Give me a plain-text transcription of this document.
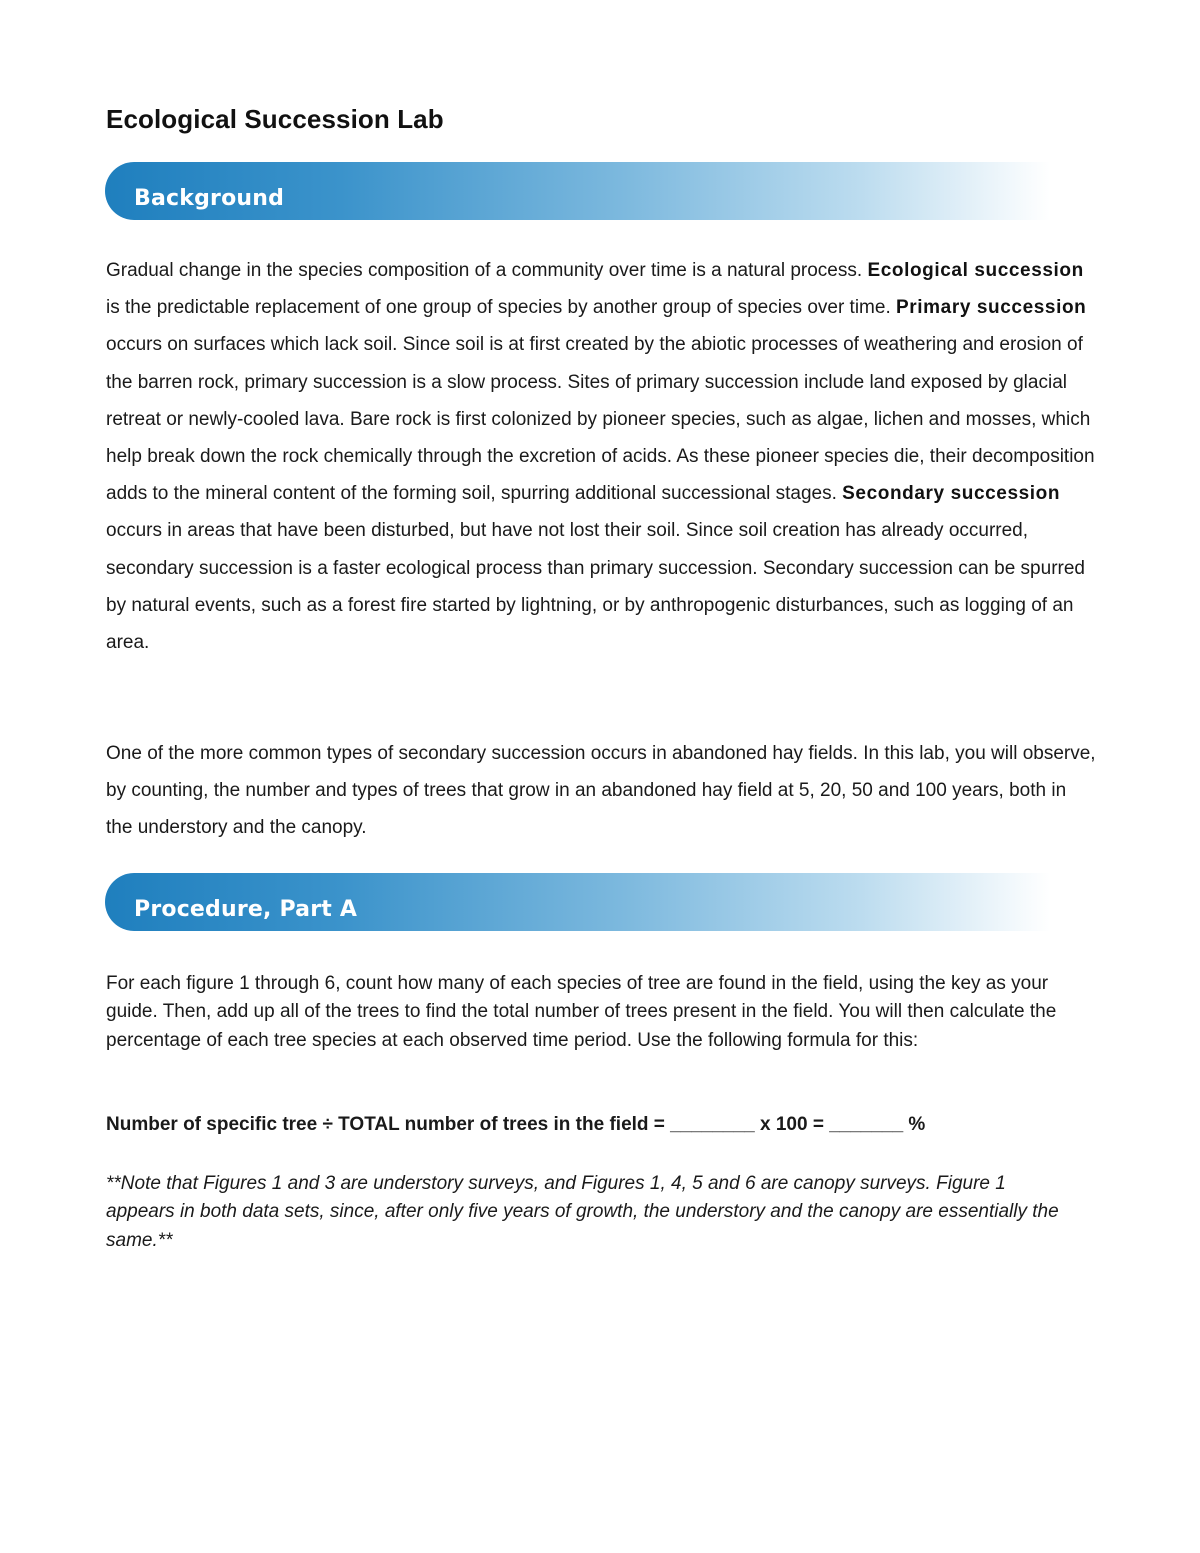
Ecological Succession Lab
Background

Gradual change in the species composition of a community over time is a natural process. Ecological succession is the predictable replacement of one group of species by another group of species over time. Primary succession occurs on surfaces which lack soil. Since soil is at first created by the abiotic processes of weathering and erosion of the barren rock, primary succession is a slow process. Sites of primary succession include land exposed by glacial retreat or newly-cooled lava. Bare rock is first colonized by pioneer species, such as algae, lichen and mosses, which help break down the rock chemically through the excretion of acids. As these pioneer species die, their decomposition adds to the mineral content of the forming soil, spurring additional successional stages. Secondary succession occurs in areas that have been disturbed, but have not lost their soil. Since soil creation has already occurred, secondary succession is a faster ecological process than primary succession. Secondary succession can be spurred by natural events, such as a forest fire started by lightning, or by anthropogenic disturbances, such as logging of an area.

One of the more common types of secondary succession occurs in abandoned hay fields. In this lab, you will observe, by counting, the number and types of trees that grow in an abandoned hay field at 5, 20, 50 and 100 years, both in the understory and the canopy.

Procedure, Part A

For each figure 1 through 6, count how many of each species of tree are found in the field, using the key as your guide. Then, add up all of the trees to find the total number of trees present in the field. You will then calculate the percentage of each tree species at each observed time period. Use the following formula for this:

Number of specific tree ÷ TOTAL number of trees in the field = ________ x 100 = _______ %

**Note that Figures 1 and 3 are understory surveys, and Figures 1, 4, 5 and 6 are canopy surveys. Figure 1 appears in both data sets, since, after only five years of growth, the understory and the canopy are essentially the same.**
